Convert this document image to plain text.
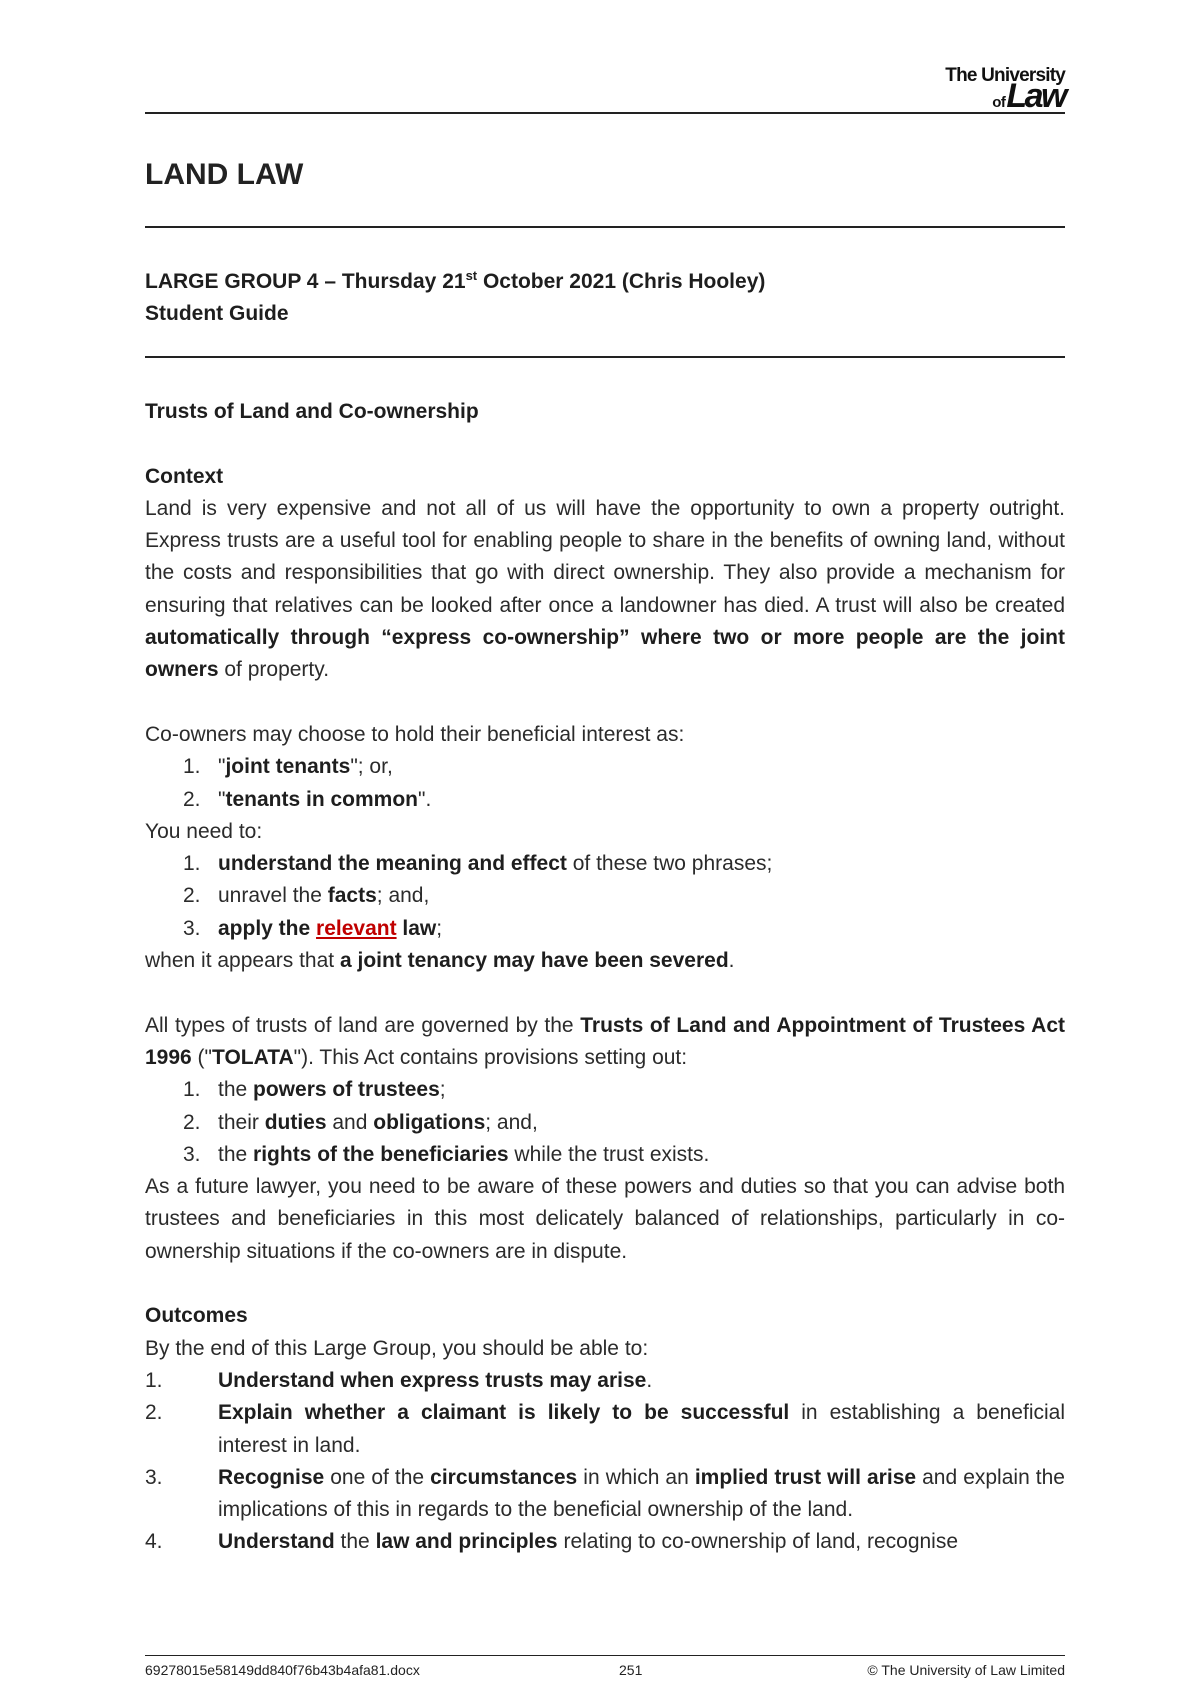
The University
of Law
LAND LAW
LARGE GROUP 4 – Thursday 21st October 2021 (Chris Hooley)
Student Guide

Trusts of Land and Co-ownership

Context

Land is very expensive and not all of us will have the opportunity to own a property outright. Express trusts are a useful tool for enabling people to share in the benefits of owning land, without the costs and responsibilities that go with direct ownership. They also provide a mechanism for ensuring that relatives can be looked after once a landowner has died. A trust will also be created automatically through “express co-ownership” where two or more people are the joint owners of property.

Co-owners may choose to hold their beneficial interest as:

1. "joint tenants"; or,
2. "tenants in common".

You need to:

1. understand the meaning and effect of these two phrases;
2. unravel the facts; and,
3. apply the relevant law;

when it appears that a joint tenancy may have been severed.

All types of trusts of land are governed by the Trusts of Land and Appointment of Trustees Act 1996 ("TOLATA"). This Act contains provisions setting out:

1. the powers of trustees;
2. their duties and obligations; and,
3. the rights of the beneficiaries while the trust exists.

As a future lawyer, you need to be aware of these powers and duties so that you can advise both trustees and beneficiaries in this most delicately balanced of relationships, particularly in co-ownership situations if the co-owners are in dispute.

Outcomes

By the end of this Large Group, you should be able to:

1.	Understand when express trusts may arise.
2.	Explain whether a claimant is likely to be successful in establishing a beneficial interest in land.
3.	Recognise one of the circumstances in which an implied trust will arise and explain the implications of this in regards to the beneficial ownership of the land.
4.	Understand the law and principles relating to co-ownership of land, recognise
69278015e58149dd840f76b43b4afa81.docx	251	© The University of Law Limited
